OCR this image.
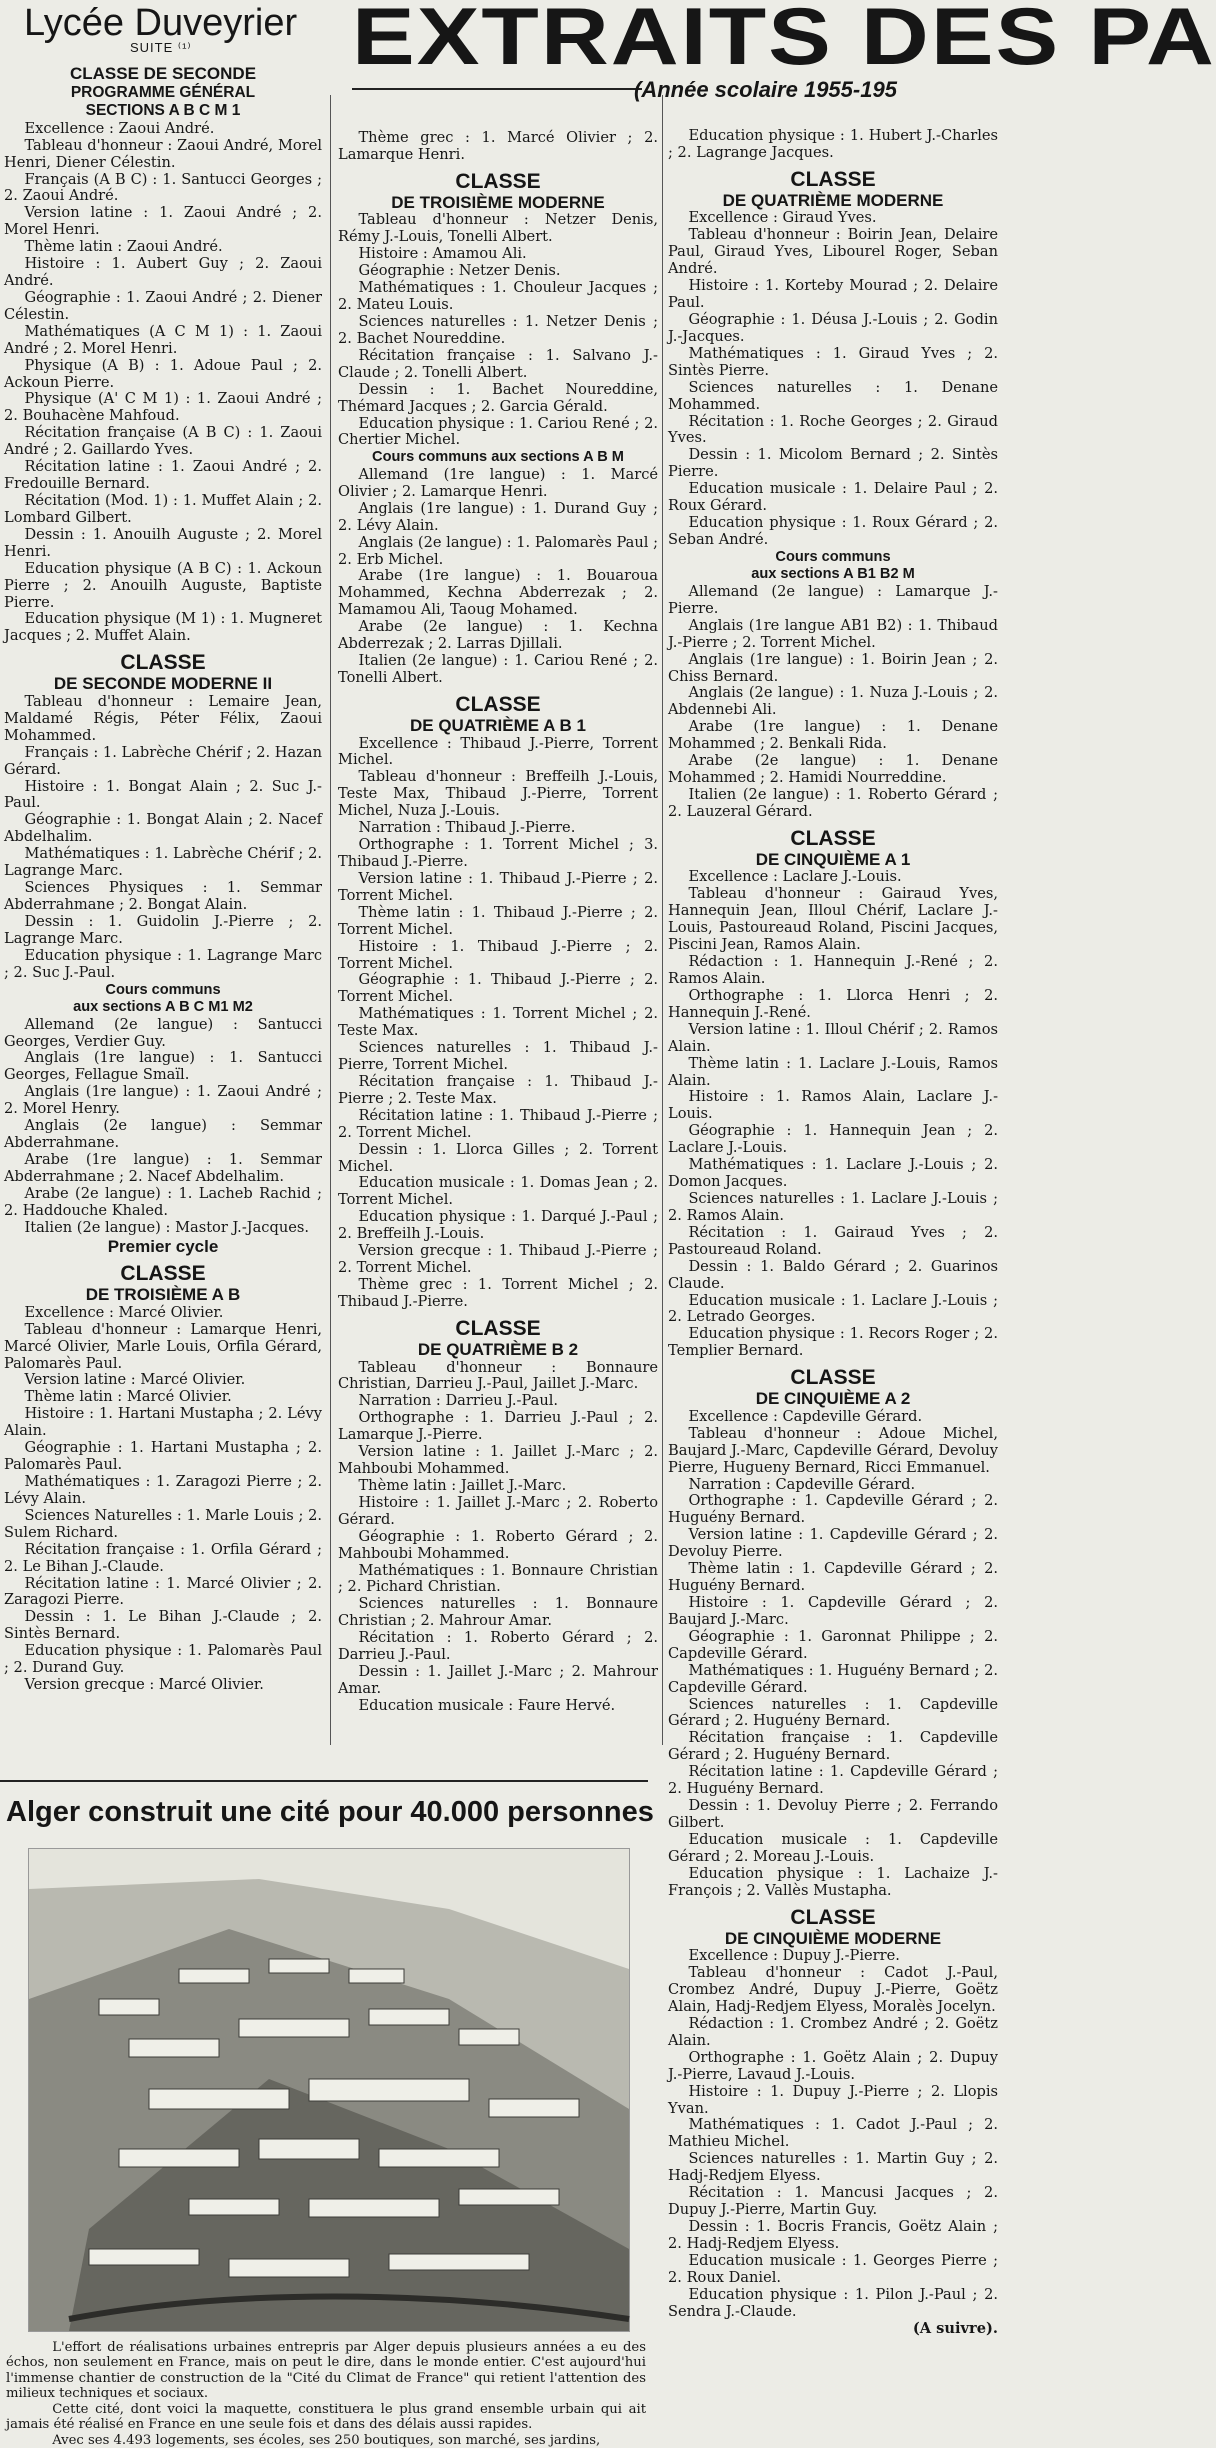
Lycée Duveyrier
SUITE ⁽¹⁾ EXTRAITS DES PA
(Année scolaire 1955-195
CLASSE DE SECONDE
PROGRAMME GÉNÉRAL
SECTIONS A B C M 1
Excellence : Zaoui André.
Tableau d'honneur : Zaoui André, Morel Henri, Diener Célestin.
Français (A B C) : 1. Santucci Georges ; 2. Zaoui André.
Version latine : 1. Zaoui André ; 2. Morel Henri.
Thème latin : Zaoui André.
Histoire : 1. Aubert Guy ; 2. Zaoui André.
Géographie : 1. Zaoui André ; 2. Diener Célestin.
Mathématiques (A C M 1) : 1. Zaoui André ; 2. Morel Henri.
Physique (A B) : 1. Adoue Paul ; 2. Ackoun Pierre.
Physique (A' C M 1) : 1. Zaoui André ; 2. Bouhacène Mahfoud.
Récitation française (A B C) : 1. Zaoui André ; 2. Gaillardo Yves.
Récitation latine : 1. Zaoui André ; 2. Fredouille Bernard.
Récitation (Mod. 1) : 1. Muffet Alain ; 2. Lombard Gilbert.
Dessin : 1. Anouilh Auguste ; 2. Morel Henri.
Education physique (A B C) : 1. Ackoun Pierre ; 2. Anouilh Auguste, Baptiste Pierre.
Education physique (M 1) : 1. Mugneret Jacques ; 2. Muffet Alain.
CLASSE
DE SECONDE MODERNE II
Tableau d'honneur : Lemaire Jean, Maldamé Régis, Péter Félix, Zaoui Mohammed.
Français : 1. Labrèche Chérif ; 2. Hazan Gérard.
Histoire : 1. Bongat Alain ; 2. Suc J.-Paul.
Géographie : 1. Bongat Alain ; 2. Nacef Abdelhalim.
Mathématiques : 1. Labrèche Chérif ; 2. Lagrange Marc.
Sciences Physiques : 1. Semmar Abderrahmane ; 2. Bongat Alain.
Dessin : 1. Guidolin J.-Pierre ; 2. Lagrange Marc.
Education physique : 1. Lagrange Marc ; 2. Suc J.-Paul.
Cours communs
aux sections A B C M1 M2
Allemand (2e langue) : Santucci Georges, Verdier Guy.
Anglais (1re langue) : 1. Santucci Georges, Fellague Smaïl.
Anglais (1re langue) : 1. Zaoui André ; 2. Morel Henry.
Anglais (2e langue) : Semmar Abderrahmane.
Arabe (1re langue) : 1. Semmar Abderrahmane ; 2. Nacef Abdelhalim.
Arabe (2e langue) : 1. Lacheb Rachid ; 2. Haddouche Khaled.
Italien (2e langue) : Mastor J.-Jacques.
Premier cycle
CLASSE
DE TROISIÈME A B
Excellence : Marcé Olivier.
Tableau d'honneur : Lamarque Henri, Marcé Olivier, Marle Louis, Orfila Gérard, Palomarès Paul.
Version latine : Marcé Olivier.
Thème latin : Marcé Olivier.
Histoire : 1. Hartani Mustapha ; 2. Lévy Alain.
Géographie : 1. Hartani Mustapha ; 2. Palomarès Paul.
Mathématiques : 1. Zaragozi Pierre ; 2. Lévy Alain.
Sciences Naturelles : 1. Marle Louis ; 2. Sulem Richard.
Récitation française : 1. Orfila Gérard ; 2. Le Bihan J.-Claude.
Récitation latine : 1. Marcé Olivier ; 2. Zaragozi Pierre.
Dessin : 1. Le Bihan J.-Claude ; 2. Sintès Bernard.
Education physique : 1. Palomarès Paul ; 2. Durand Guy.
Version grecque : Marcé Olivier.
Thème grec : 1. Marcé Olivier ; 2. Lamarque Henri.
CLASSE
DE TROISIÈME MODERNE
Tableau d'honneur : Netzer Denis, Rémy J.-Louis, Tonelli Albert.
Histoire : Amamou Ali.
Géographie : Netzer Denis.
Mathématiques : 1. Chouleur Jacques ; 2. Mateu Louis.
Sciences naturelles : 1. Netzer Denis ; 2. Bachet Noureddine.
Récitation française : 1. Salvano J.-Claude ; 2. Tonelli Albert.
Dessin : 1. Bachet Noureddine, Thémard Jacques ; 2. Garcia Gérald.
Education physique : 1. Cariou René ; 2. Chertier Michel.
Cours communs aux sections A B M
Allemand (1re langue) : 1. Marcé Olivier ; 2. Lamarque Henri.
Anglais (1re langue) : 1. Durand Guy ; 2. Lévy Alain.
Anglais (2e langue) : 1. Palomarès Paul ; 2. Erb Michel.
Arabe (1re langue) : 1. Bouaroua Mohammed, Kechna Abderrezak ; 2. Mamamou Ali, Taoug Mohamed.
Arabe (2e langue) : 1. Kechna Abderrezak ; 2. Larras Djillali.
Italien (2e langue) : 1. Cariou René ; 2. Tonelli Albert.
CLASSE
DE QUATRIÈME A B 1
Excellence : Thibaud J.-Pierre, Torrent Michel.
Tableau d'honneur : Breffeilh J.-Louis, Teste Max, Thibaud J.-Pierre, Torrent Michel, Nuza J.-Louis.
Narration : Thibaud J.-Pierre.
Orthographe : 1. Torrent Michel ; 3. Thibaud J.-Pierre.
Version latine : 1. Thibaud J.-Pierre ; 2. Torrent Michel.
Thème latin : 1. Thibaud J.-Pierre ; 2. Torrent Michel.
Histoire : 1. Thibaud J.-Pierre ; 2. Torrent Michel.
Géographie : 1. Thibaud J.-Pierre ; 2. Torrent Michel.
Mathématiques : 1. Torrent Michel ; 2. Teste Max.
Sciences naturelles : 1. Thibaud J.-Pierre, Torrent Michel.
Récitation française : 1. Thibaud J.-Pierre ; 2. Teste Max.
Récitation latine : 1. Thibaud J.-Pierre ; 2. Torrent Michel.
Dessin : 1. Llorca Gilles ; 2. Torrent Michel.
Education musicale : 1. Domas Jean ; 2. Torrent Michel.
Education physique : 1. Darqué J.-Paul ; 2. Breffeilh J.-Louis.
Version grecque : 1. Thibaud J.-Pierre ; 2. Torrent Michel.
Thème grec : 1. Torrent Michel ; 2. Thibaud J.-Pierre.
CLASSE
DE QUATRIÈME B 2
Tableau d'honneur : Bonnaure Christian, Darrieu J.-Paul, Jaillet J.-Marc.
Narration : Darrieu J.-Paul.
Orthographe : 1. Darrieu J.-Paul ; 2. Lamarque J.-Pierre.
Version latine : 1. Jaillet J.-Marc ; 2. Mahboubi Mohammed.
Thème latin : Jaillet J.-Marc.
Histoire : 1. Jaillet J.-Marc ; 2. Roberto Gérard.
Géographie : 1. Roberto Gérard ; 2. Mahboubi Mohammed.
Mathématiques : 1. Bonnaure Christian ; 2. Pichard Christian.
Sciences naturelles : 1. Bonnaure Christian ; 2. Mahrour Amar.
Récitation : 1. Roberto Gérard ; 2. Darrieu J.-Paul.
Dessin : 1. Jaillet J.-Marc ; 2. Mahrour Amar.
Education musicale : Faure Hervé.
Education physique : 1. Hubert J.-Charles ; 2. Lagrange Jacques.
CLASSE
DE QUATRIÈME MODERNE
Excellence : Giraud Yves.
Tableau d'honneur : Boirin Jean, Delaire Paul, Giraud Yves, Libourel Roger, Seban André.
Histoire : 1. Korteby Mourad ; 2. Delaire Paul.
Géographie : 1. Déusa J.-Louis ; 2. Godin J.-Jacques.
Mathématiques : 1. Giraud Yves ; 2. Sintès Pierre.
Sciences naturelles : 1. Denane Mohammed.
Récitation : 1. Roche Georges ; 2. Giraud Yves.
Dessin : 1. Micolom Bernard ; 2. Sintès Pierre.
Education musicale : 1. Delaire Paul ; 2. Roux Gérard.
Education physique : 1. Roux Gérard ; 2. Seban André.
Cours communs
aux sections A B1 B2 M
Allemand (2e langue) : Lamarque J.-Pierre.
Anglais (1re langue AB1 B2) : 1. Thibaud J.-Pierre ; 2. Torrent Michel.
Anglais (1re langue) : 1. Boirin Jean ; 2. Chiss Bernard.
Anglais (2e langue) : 1. Nuza J.-Louis ; 2. Abdennebi Ali.
Arabe (1re langue) : 1. Denane Mohammed ; 2. Benkali Rida.
Arabe (2e langue) : 1. Denane Mohammed ; 2. Hamidi Nourreddine.
Italien (2e langue) : 1. Roberto Gérard ; 2. Lauzeral Gérard.
CLASSE
DE CINQUIÈME A 1
Excellence : Laclare J.-Louis.
Tableau d'honneur : Gairaud Yves, Hannequin Jean, Illoul Chérif, Laclare J.-Louis, Pastoureaud Roland, Piscini Jacques, Piscini Jean, Ramos Alain.
Rédaction : 1. Hannequin J.-René ; 2. Ramos Alain.
Orthographe : 1. Llorca Henri ; 2. Hannequin J.-René.
Version latine : 1. Illoul Chérif ; 2. Ramos Alain.
Thème latin : 1. Laclare J.-Louis, Ramos Alain.
Histoire : 1. Ramos Alain, Laclare J.-Louis.
Géographie : 1. Hannequin Jean ; 2. Laclare J.-Louis.
Mathématiques : 1. Laclare J.-Louis ; 2. Domon Jacques.
Sciences naturelles : 1. Laclare J.-Louis ; 2. Ramos Alain.
Récitation : 1. Gairaud Yves ; 2. Pastoureaud Roland.
Dessin : 1. Baldo Gérard ; 2. Guarinos Claude.
Education musicale : 1. Laclare J.-Louis ; 2. Letrado Georges.
Education physique : 1. Recors Roger ; 2. Templier Bernard.
CLASSE
DE CINQUIÈME A 2
Excellence : Capdeville Gérard.
Tableau d'honneur : Adoue Michel, Baujard J.-Marc, Capdeville Gérard, Devoluy Pierre, Hugueny Bernard, Ricci Emmanuel.
Narration : Capdeville Gérard.
Orthographe : 1. Capdeville Gérard ; 2. Huguény Bernard.
Version latine : 1. Capdeville Gérard ; 2. Devoluy Pierre.
Thème latin : 1. Capdeville Gérard ; 2. Huguény Bernard.
Histoire : 1. Capdeville Gérard ; 2. Baujard J.-Marc.
Géographie : 1. Garonnat Philippe ; 2. Capdeville Gérard.
Mathématiques : 1. Huguény Bernard ; 2. Capdeville Gérard.
Sciences naturelles : 1. Capdeville Gérard ; 2. Huguény Bernard.
Récitation française : 1. Capdeville Gérard ; 2. Huguény Bernard.
Récitation latine : 1. Capdeville Gérard ; 2. Huguény Bernard.
Dessin : 1. Devoluy Pierre ; 2. Ferrando Gilbert.
Education musicale : 1. Capdeville Gérard ; 2. Moreau J.-Louis.
Education physique : 1. Lachaize J.-François ; 2. Vallès Mustapha.
CLASSE
DE CINQUIÈME MODERNE
Excellence : Dupuy J.-Pierre.
Tableau d'honneur : Cadot J.-Paul, Crombez André, Dupuy J.-Pierre, Goëtz Alain, Hadj-Redjem Elyess, Moralès Jocelyn.
Rédaction : 1. Crombez André ; 2. Goëtz Alain.
Orthographe : 1. Goëtz Alain ; 2. Dupuy J.-Pierre, Lavaud J.-Louis.
Histoire : 1. Dupuy J.-Pierre ; 2. Llopis Yvan.
Mathématiques : 1. Cadot J.-Paul ; 2. Mathieu Michel.
Sciences naturelles : 1. Martin Guy ; 2. Hadj-Redjem Elyess.
Récitation : 1. Mancusi Jacques ; 2. Dupuy J.-Pierre, Martin Guy.
Dessin : 1. Bocris Francis, Goëtz Alain ; 2. Hadj-Redjem Elyess.
Education musicale : 1. Georges Pierre ; 2. Roux Daniel.
Education physique : 1. Pilon J.-Paul ; 2. Sendra J.-Claude.
(A suivre).
Alger construit une cité pour 40.000 personnes
L'effort de réalisations urbaines entrepris par Alger depuis plusieurs années a eu des échos, non seulement en France, mais on peut le dire, dans le monde entier. C'est aujourd'hui l'immense chantier de construction de la "Cité du Climat de France" qui retient l'attention des milieux techniques et sociaux.
Cette cité, dont voici la maquette, constituera le plus grand ensemble urbain qui ait jamais été réalisé en France en une seule fois et dans des délais aussi rapides.
Avec ses 4.493 logements, ses écoles, ses 250 boutiques, son marché, ses jardins,
